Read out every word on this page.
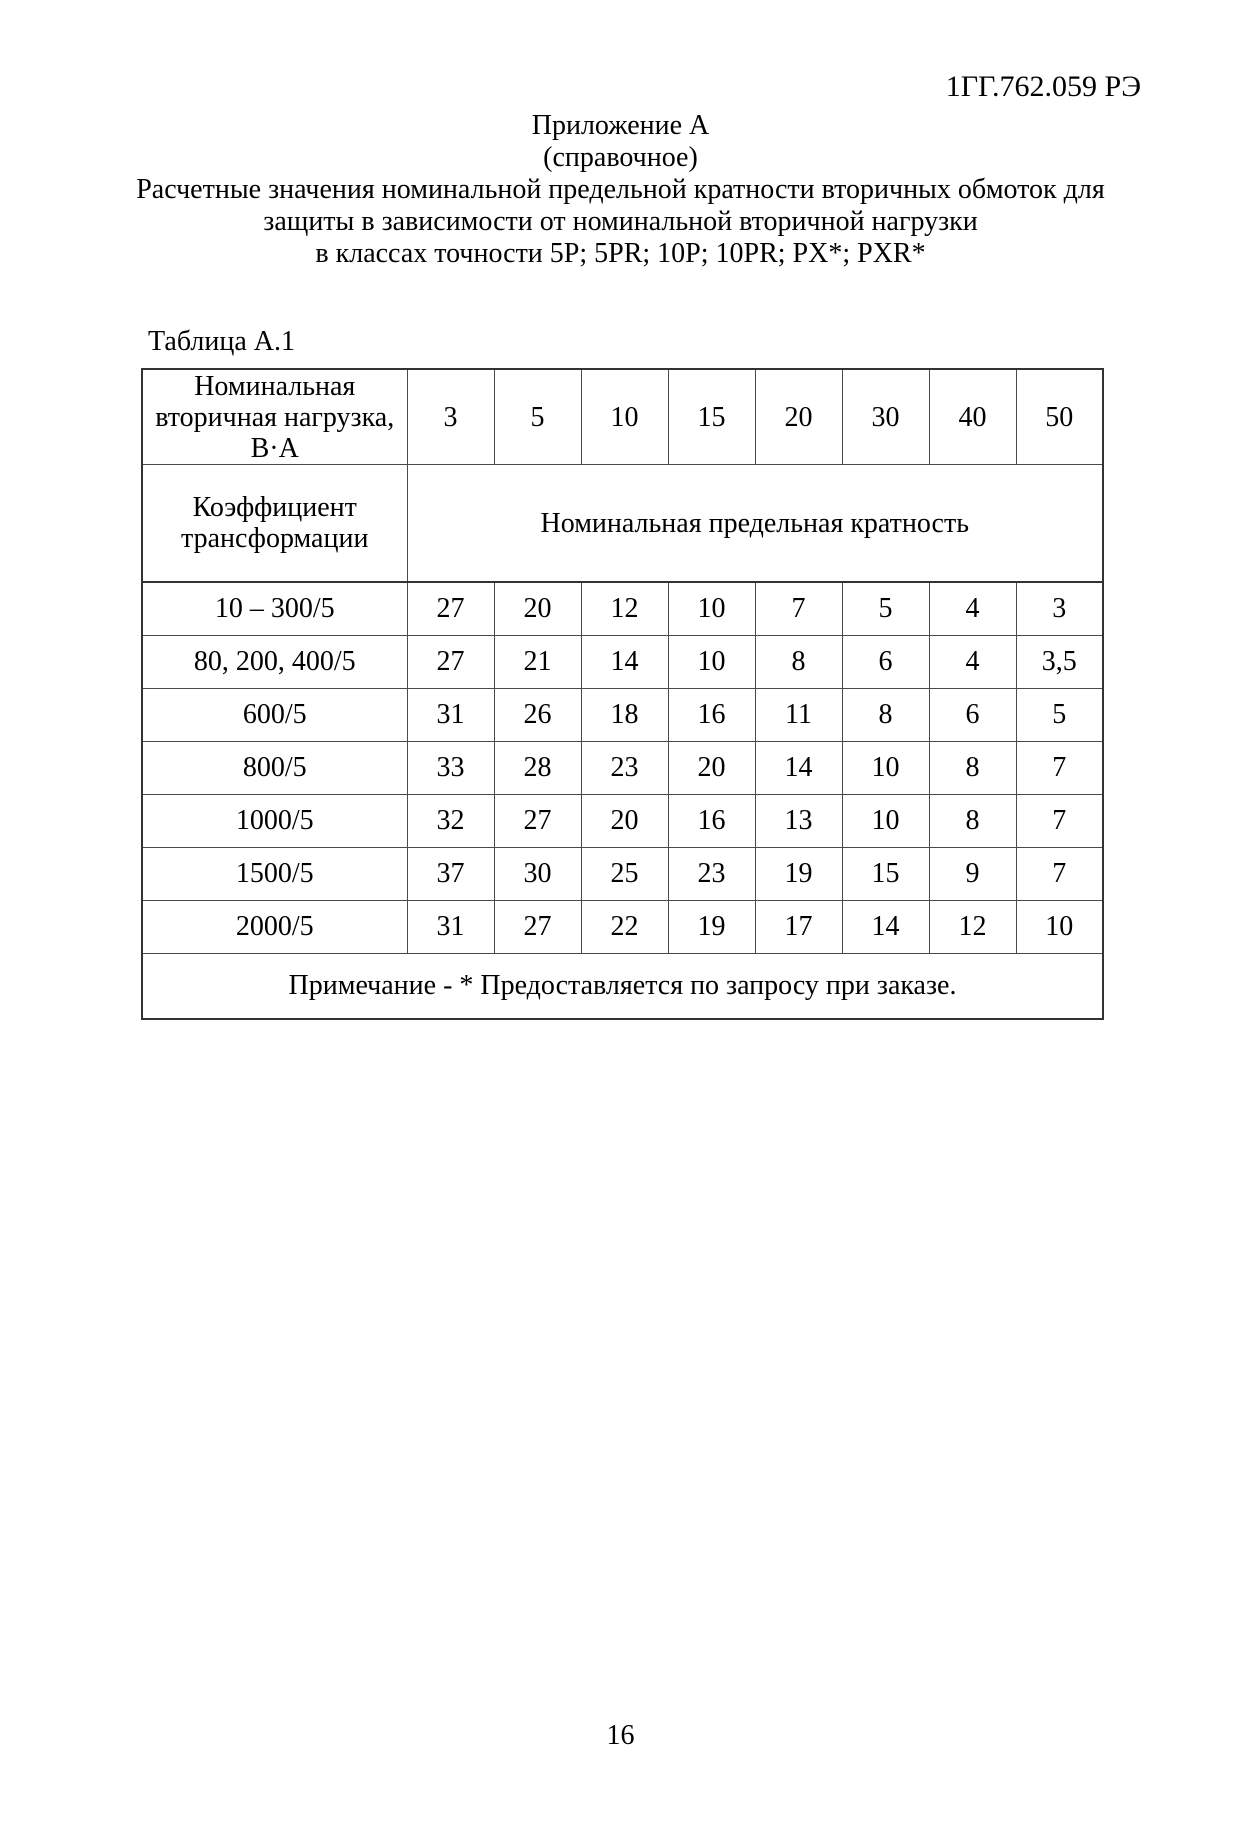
1ГГ.762.059 РЭ
Приложение А
(справочное)
Расчетные значения номинальной предельной кратности вторичных обмоток для
защиты в зависимости от номинальной вторичной нагрузки
в классах точности 5P; 5PR; 10P; 10PR; PX*; PXR*
Таблица А.1
Номинальная вторичная нагрузка, В·А	3	5	10	15	20	30	40	50
Коэффициент трансформации	Номинальная предельная кратность							
10 – 300/5	27	20	12	10	7	5	4	3
80, 200, 400/5	27	21	14	10	8	6	4	3,5
600/5	31	26	18	16	11	8	6	5
800/5	33	28	23	20	14	10	8	7
1000/5	32	27	20	16	13	10	8	7
1500/5	37	30	25	23	19	15	9	7
2000/5	31	27	22	19	17	14	12	10
Примечание - * Предоставляется по запросу при заказе.								
16
